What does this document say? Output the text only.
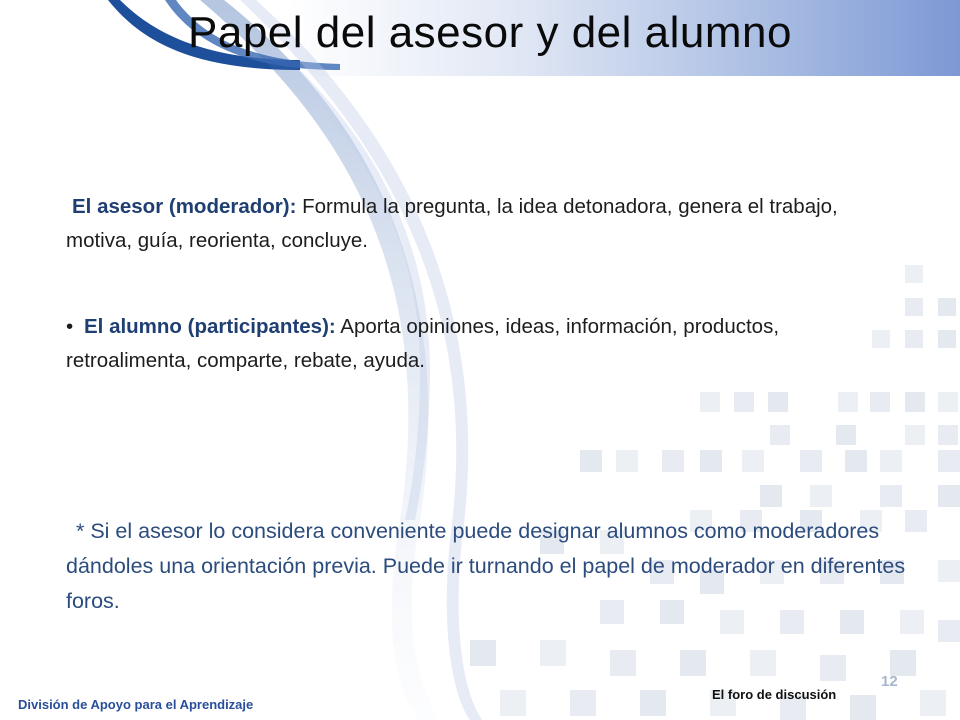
Papel del asesor y del alumno

El asesor (moderador): Formula la pregunta, la idea detonadora, genera el trabajo, motiva, guía, reorienta, concluye.

• El alumno (participantes): Aporta opiniones, ideas, información, productos, retroalimenta, comparte, rebate, ayuda.

* Si el asesor lo considera conveniente puede designar alumnos como moderadores dándoles una orientación previa. Puede ir turnando el papel de moderador en diferentes foros.

División de Apoyo para el Aprendizaje
12
El foro de discusión
